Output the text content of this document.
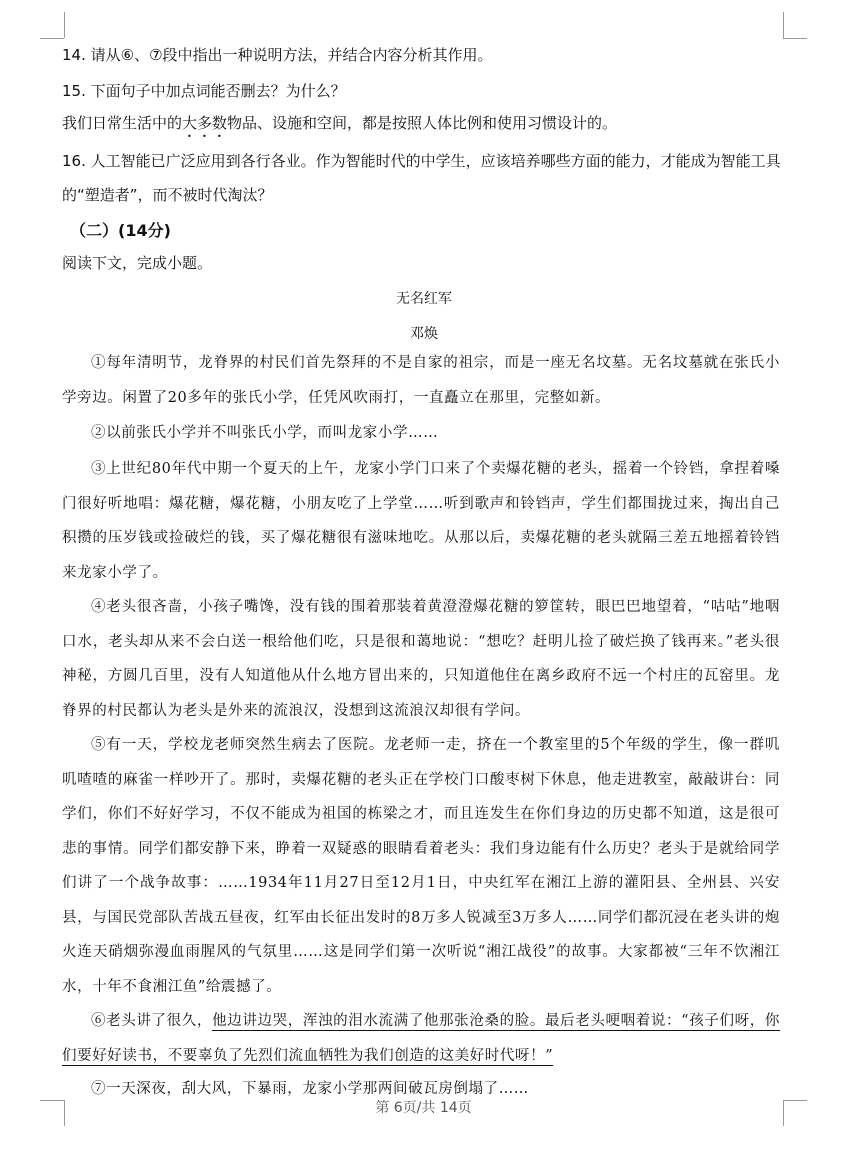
14. 请从⑥、⑦段中指出一种说明方法，并结合内容分析其作用。
15. 下面句子中加点词能否删去？为什么？
我们日常生活中的大多数物品、设施和空间，都是按照人体比例和使用习惯设计的。
16. 人工智能已广泛应用到各行各业。作为智能时代的中学生，应该培养哪些方面的能力，才能成为智能工具的“塑造者”，而不被时代淘汰？
（二）(14分)
阅读下文，完成小题。
无名红军
邓焕
①每年清明节，龙脊界的村民们首先祭拜的不是自家的祖宗，而是一座无名坟墓。无名坟墓就在张氏小学旁边。闲置了20多年的张氏小学，任凭风吹雨打，一直矗立在那里，完整如新。
②以前张氏小学并不叫张氏小学，而叫龙家小学……
③上世纪80年代中期一个夏天的上午，龙家小学门口来了个卖爆花糖的老头，摇着一个铃铛，拿捏着嗓门很好听地唱：爆花糖，爆花糖，小朋友吃了上学堂……听到歌声和铃铛声，学生们都围拢过来，掏出自己积攒的压岁钱或捡破烂的钱，买了爆花糖很有滋味地吃。从那以后，卖爆花糖的老头就隔三差五地摇着铃铛来龙家小学了。
④老头很吝啬，小孩子嘴馋，没有钱的围着那装着黄澄澄爆花糖的箩筐转，眼巴巴地望着，“咕咕”地咽口水，老头却从来不会白送一根给他们吃，只是很和蔼地说：“想吃？赶明儿捡了破烂换了钱再来。”老头很神秘，方圆几百里，没有人知道他从什么地方冒出来的，只知道他住在离乡政府不远一个村庄的瓦窑里。龙脊界的村民都认为老头是外来的流浪汉，没想到这流浪汉却很有学问。
⑤有一天，学校龙老师突然生病去了医院。龙老师一走，挤在一个教室里的5个年级的学生，像一群叽叽喳喳的麻雀一样吵开了。那时，卖爆花糖的老头正在学校门口酸枣树下休息，他走进教室，敲敲讲台：同学们，你们不好好学习，不仅不能成为祖国的栋梁之才，而且连发生在你们身边的历史都不知道，这是很可悲的事情。同学们都安静下来，睁着一双疑惑的眼睛看着老头：我们身边能有什么历史？老头于是就给同学们讲了一个战争故事：……1934年11月27日至12月1日，中央红军在湘江上游的灌阳县、全州县、兴安县，与国民党部队苦战五昼夜，红军由长征出发时的8万多人锐减至3万多人……同学们都沉浸在老头讲的炮火连天硝烟弥漫血雨腥风的气氛里……这是同学们第一次听说“湘江战役”的故事。大家都被“三年不饮湘江水，十年不食湘江鱼”给震撼了。
⑥老头讲了很久，他边讲边哭，浑浊的泪水流满了他那张沧桑的脸。最后老头哽咽着说：“孩子们呀，你们要好好读书，不要辜负了先烈们流血牺牲为我们创造的这美好时代呀！”
⑦一天深夜，刮大风，下暴雨，龙家小学那两间破瓦房倒塌了……
第 6页/共 14页
